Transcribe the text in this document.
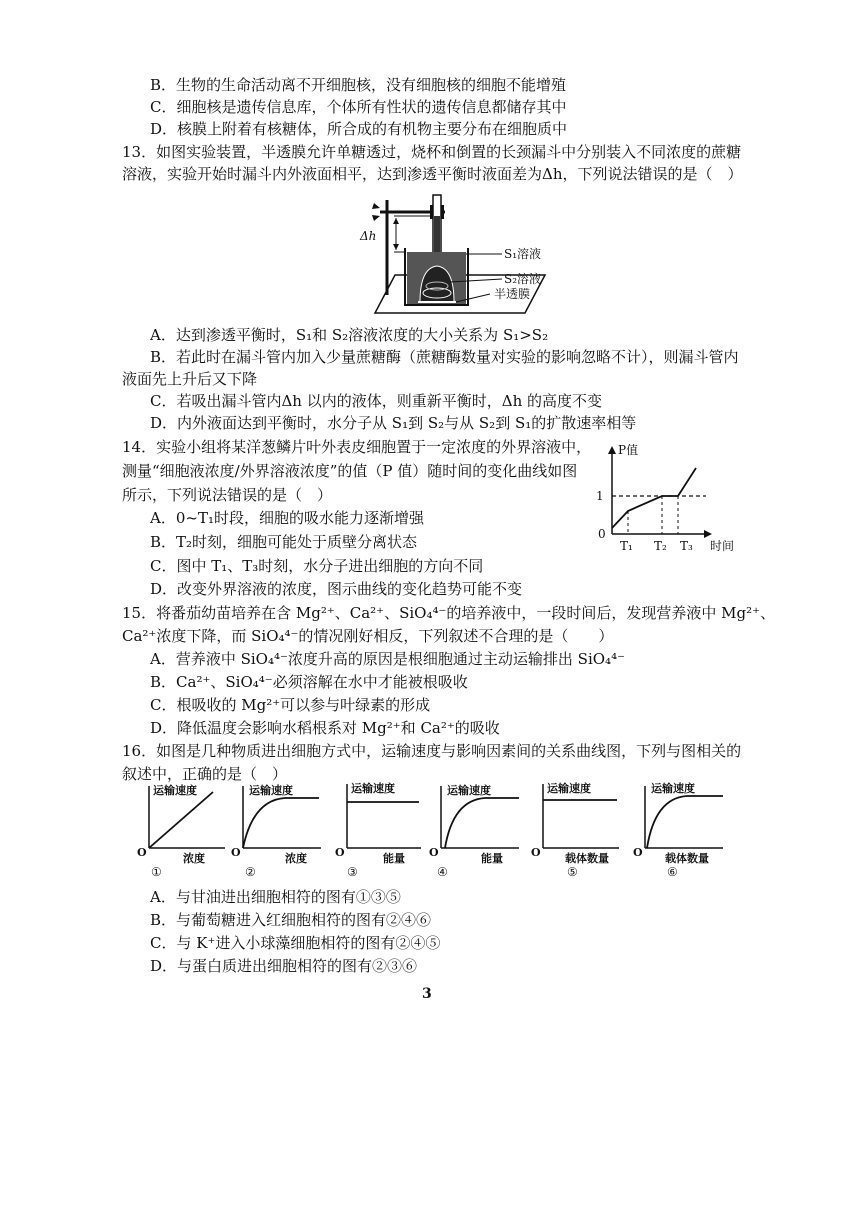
B．生物的生命活动离不开细胞核，没有细胞核的细胞不能增殖
C．细胞核是遗传信息库，个体所有性状的遗传信息都储存其中
D．核膜上附着有核糖体，所合成的有机物主要分布在细胞质中
13．如图实验装置，半透膜允许单糖透过，烧杯和倒置的长颈漏斗中分别装入不同浓度的蔗糖
溶液，实验开始时漏斗内外液面相平，达到渗透平衡时液面差为Δh，下列说法错误的是（　）
Δh
S₁溶液
S₂溶液
半透膜
A．达到渗透平衡时，S₁和 S₂溶液浓度的大小关系为 S₁>S₂
B．若此时在漏斗管内加入少量蔗糖酶（蔗糖酶数量对实验的影响忽略不计），则漏斗管内
液面先上升后又下降
C．若吸出漏斗管内Δh 以内的液体，则重新平衡时，Δh 的高度不变
D．内外液面达到平衡时，水分子从 S₁到 S₂与从 S₂到 S₁的扩散速率相等
14．实验小组将某洋葱鳞片叶外表皮细胞置于一定浓度的外界溶液中，
测量“细胞液浓度/外界溶液浓度”的值（P 值）随时间的变化曲线如图
所示，下列说法错误的是（　）
A．0~T₁时段，细胞的吸水能力逐渐增强
B．T₂时刻，细胞可能处于质壁分离状态
C．图中 T₁、T₃时刻，水分子进出细胞的方向不同
D．改变外界溶液的浓度，图示曲线的变化趋势可能不变
P值
1
0
T₁ T₂ T₃ 时间
15．将番茄幼苗培养在含 Mg²⁺、Ca²⁺、SiO₄⁴⁻的培养液中，一段时间后，发现营养液中 Mg²⁺、
Ca²⁺浓度下降，而 SiO₄⁴⁻的情况刚好相反，下列叙述不合理的是（　　）
A．营养液中 SiO₄⁴⁻浓度升高的原因是根细胞通过主动运输排出 SiO₄⁴⁻
B．Ca²⁺、SiO₄⁴⁻必须溶解在水中才能被根吸收
C．根吸收的 Mg²⁺可以参与叶绿素的形成
D．降低温度会影响水稻根系对 Mg²⁺和 Ca²⁺的吸收
16．如图是几种物质进出细胞方式中，运输速度与影响因素间的关系曲线图，下列与图相关的
叙述中，正确的是（　）
运输速度
O	浓度
①
运输速度
O	浓度
②
运输速度
O	能量
③
运输速度
O	能量
④
运输速度
O 载体数量
⑤
运输速度
O 载体数量
⑥
A．与甘油进出细胞相符的图有①③⑤
B．与葡萄糖进入红细胞相符的图有②④⑥
C．与 K⁺进入小球藻细胞相符的图有②④⑤
D．与蛋白质进出细胞相符的图有②③⑥
3
